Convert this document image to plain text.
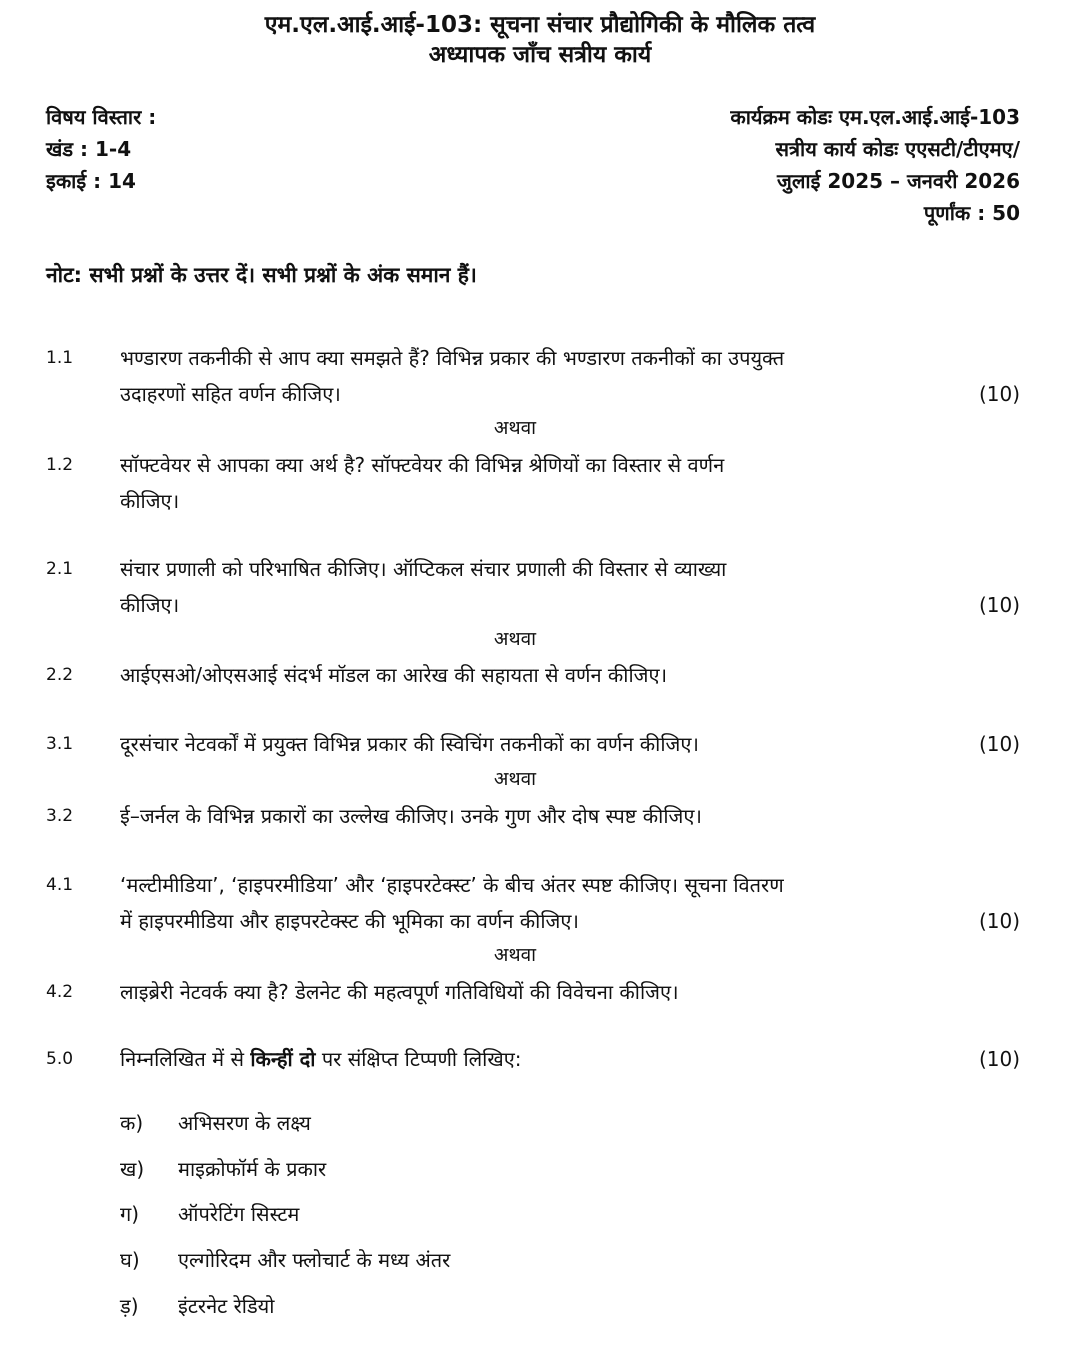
एम.एल.आई.आई-103: सूचना संचार प्रौद्योगिकी के मौलिक तत्व
अध्यापक जाँच सत्रीय कार्य
विषय विस्तार :
खंड : 1-4
इकाई : 14
कार्यक्रम कोडः एम.एल.आई.आई-103
सत्रीय कार्य कोडः एएसटी/टीएमए/
जुलाई 2025 – जनवरी 2026
पूर्णांक : 50
नोट: सभी प्रश्नों के उत्तर दें। सभी प्रश्नों के अंक समान हैं।
1.1 भण्डारण तकनीकी से आप क्या समझते हैं? विभिन्न प्रकार की भण्डारण तकनीकों का उपयुक्त
उदाहरणों सहित वर्णन कीजिए।	(10)
अथवा
1.2 सॉफ्टवेयर से आपका क्या अर्थ है? सॉफ्टवेयर की विभिन्न श्रेणियों का विस्तार से वर्णन
कीजिए।
2.1 संचार प्रणाली को परिभाषित कीजिए। ऑप्टिकल संचार प्रणाली की विस्तार से व्याख्या
कीजिए।	(10)
अथवा
2.2 आईएसओ/ओएसआई संदर्भ मॉडल का आरेख की सहायता से वर्णन कीजिए।
3.1 दूरसंचार नेटवर्कों में प्रयुक्त विभिन्न प्रकार की स्विचिंग तकनीकों का वर्णन कीजिए।	(10)
अथवा
3.2 ई–जर्नल के विभिन्न प्रकारों का उल्लेख कीजिए। उनके गुण और दोष स्पष्ट कीजिए।
4.1 ‘मल्टीमीडिया’, ‘हाइपरमीडिया’ और ‘हाइपरटेक्स्ट’ के बीच अंतर स्पष्ट कीजिए। सूचना वितरण
में हाइपरमीडिया और हाइपरटेक्स्ट की भूमिका का वर्णन कीजिए।	(10)
अथवा
4.2 लाइब्रेरी नेटवर्क क्या है? डेलनेट की महत्वपूर्ण गतिविधियों की विवेचना कीजिए।
5.0 निम्नलिखित में से किन्हीं दो पर संक्षिप्त टिप्पणी लिखिए:	(10)
क) अभिसरण के लक्ष्य
ख) माइक्रोफॉर्म के प्रकार
ग) ऑपरेटिंग सिस्टम
घ) एल्गोरिदम और फ्लोचार्ट के मध्य अंतर
ड़) इंटरनेट रेडियो
